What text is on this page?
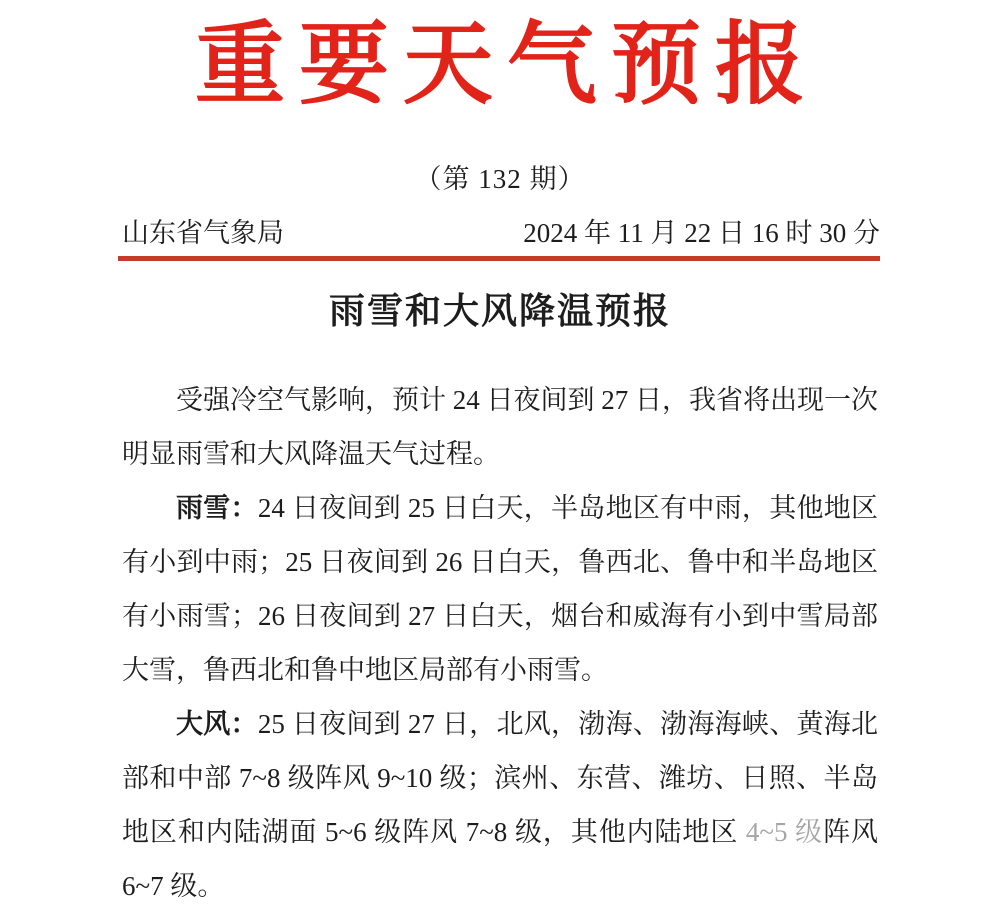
重要天气预报
（第 132 期）
山东省气象局	2024 年 11 月 22 日 16 时 30 分
雨雪和大风降温预报

受强冷空气影响，预计 24 日夜间到 27 日，我省将出现一次明显雨雪和大风降温天气过程。

雨雪：24 日夜间到 25 日白天，半岛地区有中雨，其他地区有小到中雨；25 日夜间到 26 日白天，鲁西北、鲁中和半岛地区有小雨雪；26 日夜间到 27 日白天，烟台和威海有小到中雪局部大雪，鲁西北和鲁中地区局部有小雨雪。

大风：25 日夜间到 27 日，北风，渤海、渤海海峡、黄海北部和中部 7~8 级阵风 9~10 级；滨州、东营、潍坊、日照、半岛地区和内陆湖面 5~6 级阵风 7~8 级，其他内陆地区 4~5 级阵风 6~7 级。
